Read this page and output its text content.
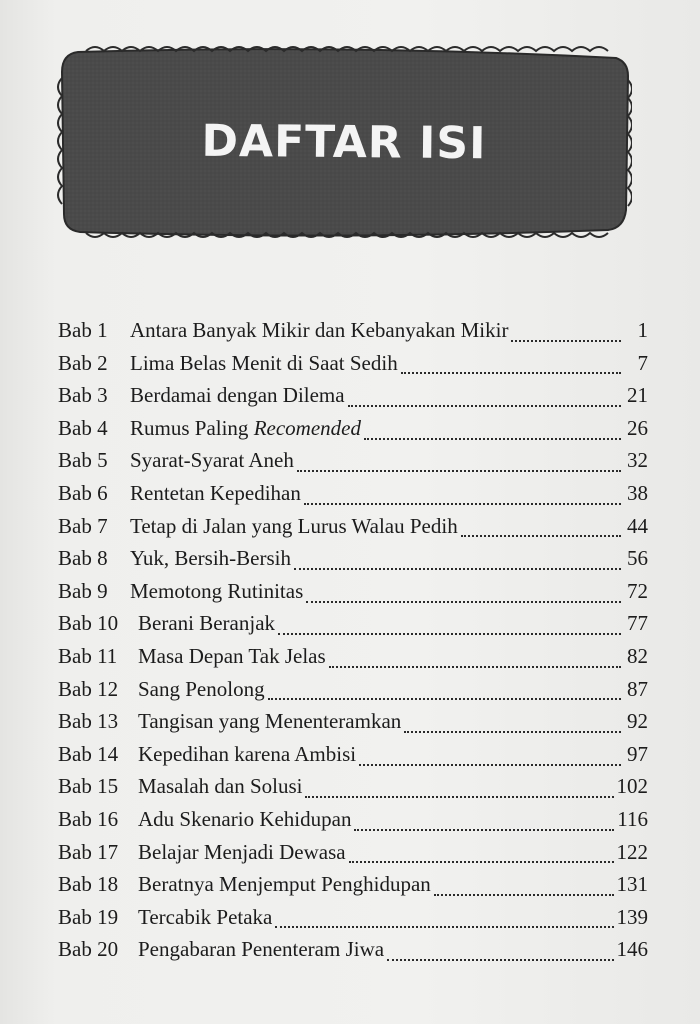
DAFTAR ISI
Bab 1	Antara Banyak Mikir dan Kebanyakan Mikir	1
Bab 2	Lima Belas Menit di Saat Sedih	7
Bab 3	Berdamai dengan Dilema	21
Bab 4	Rumus Paling Recomended	26
Bab 5	Syarat-Syarat Aneh	32
Bab 6	Rentetan Kepedihan	38
Bab 7	Tetap di Jalan yang Lurus Walau Pedih	44
Bab 8	Yuk, Bersih-Bersih	56
Bab 9	Memotong Rutinitas	72
Bab 10 Berani Beranjak	77
Bab 11 Masa Depan Tak Jelas	82
Bab 12 Sang Penolong	87
Bab 13 Tangisan yang Menenteramkan	92
Bab 14 Kepedihan karena Ambisi	97
Bab 15 Masalah dan Solusi	102
Bab 16 Adu Skenario Kehidupan	116
Bab 17 Belajar Menjadi Dewasa	122
Bab 18 Beratnya Menjemput Penghidupan	131
Bab 19 Tercabik Petaka	139
Bab 20 Pengabaran Penenteram Jiwa	146
